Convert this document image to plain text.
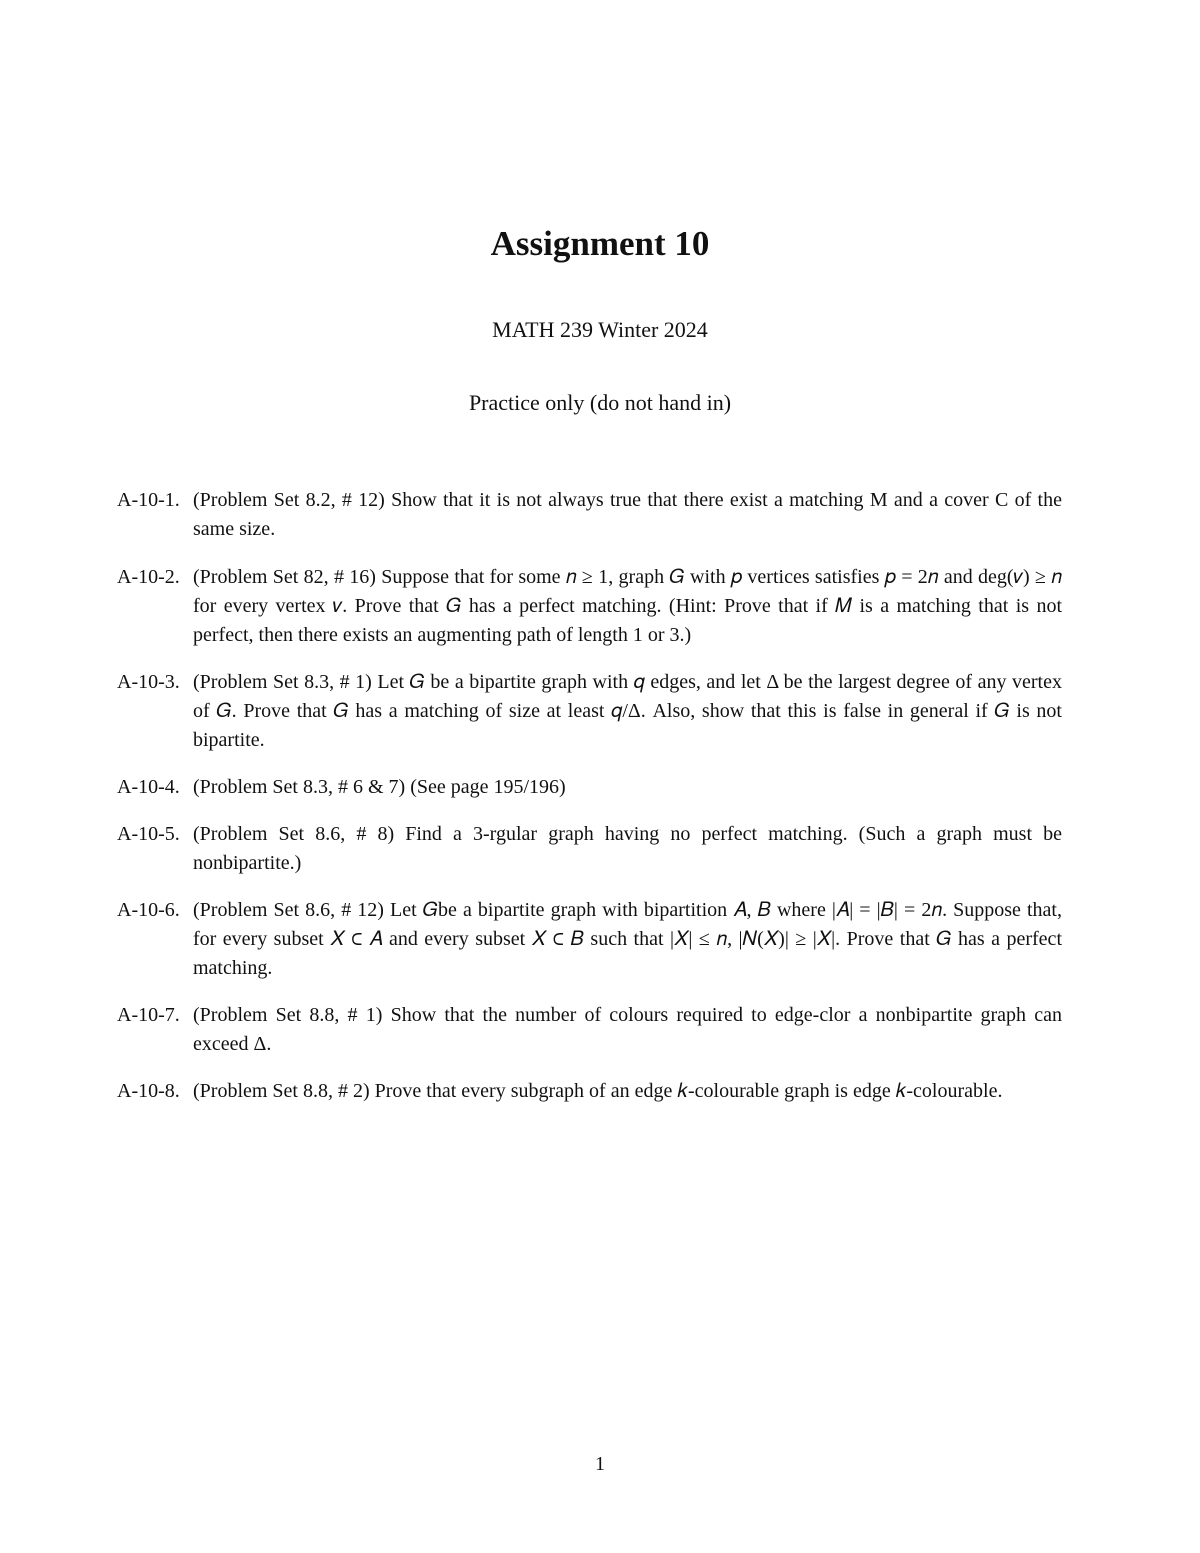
Assignment 10
MATH 239 Winter 2024
Practice only (do not hand in)
A-10-1. (Problem Set 8.2, # 12) Show that it is not always true that there exist a matching M and a cover C of the same size.
A-10-2. (Problem Set 82, # 16) Suppose that for some 𝑛 ≥ 1, graph 𝐺 with 𝑝 vertices satisfies 𝑝 = 2𝑛 and deg(𝑣) ≥ 𝑛 for every vertex 𝑣. Prove that 𝐺 has a perfect matching. (Hint: Prove that if 𝑀 is a matching that is not perfect, then there exists an augmenting path of length 1 or 3.)
A-10-3. (Problem Set 8.3, # 1) Let 𝐺 be a bipartite graph with 𝑞 edges, and let Δ be the largest degree of any vertex of 𝐺. Prove that 𝐺 has a matching of size at least 𝑞/Δ. Also, show that this is false in general if 𝐺 is not bipartite.
A-10-4. (Problem Set 8.3, # 6 & 7) (See page 195/196)
A-10-5. (Problem Set 8.6, # 8) Find a 3-rgular graph having no perfect matching. (Such a graph must be nonbipartite.)
A-10-6. (Problem Set 8.6, # 12) Let 𝐺be a bipartite graph with bipartition 𝐴, 𝐵 where |𝐴| = |𝐵| = 2𝑛. Suppose that, for every subset 𝑋 ⊂ 𝐴 and every subset 𝑋 ⊂ 𝐵 such that |𝑋| ≤ 𝑛, |𝑁(𝑋)| ≥ |𝑋|. Prove that 𝐺 has a perfect matching.
A-10-7. (Problem Set 8.8, # 1) Show that the number of colours required to edge-clor a nonbipartite graph can exceed Δ.
A-10-8. (Problem Set 8.8, # 2) Prove that every subgraph of an edge 𝑘-colourable graph is edge 𝑘-colourable.
1
